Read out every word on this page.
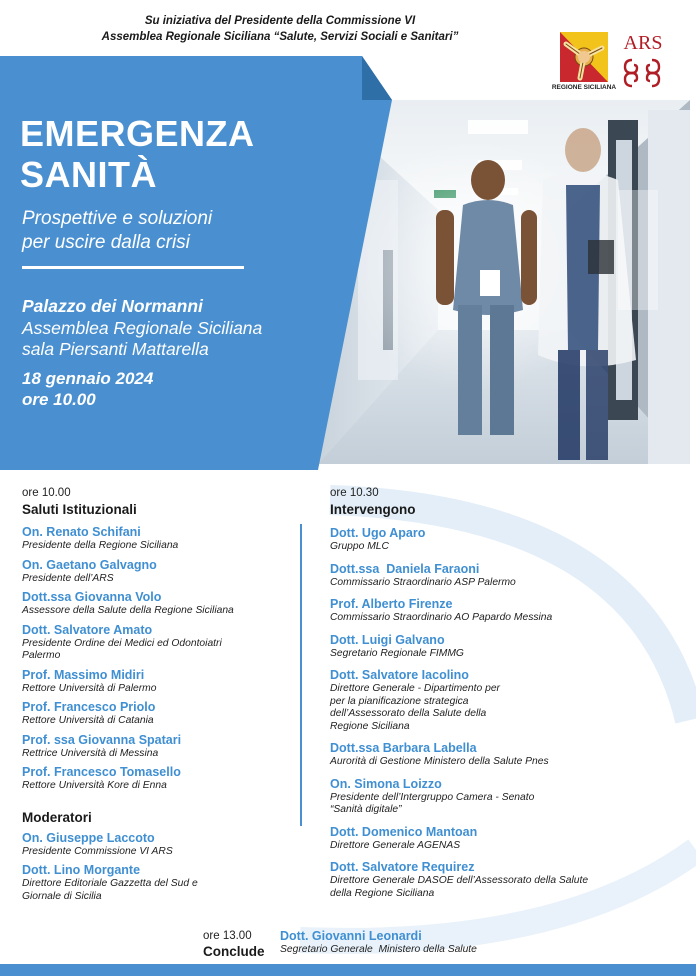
Su iniziativa del Presidente della Commissione VI
Assemblea Regionale Siciliana “Salute, Servizi Sociali e Sanitari”
REGIONE SICILIANA
ARS
EMERGENZA
SANITÀ
Prospettive e soluzioni
per uscire dalla crisi
Palazzo dei Normanni
Assemblea Regionale Siciliana
sala Piersanti Mattarella
18 gennaio 2024
ore 10.00
ore 10.00
Saluti Istituzionali
On. Renato Schifani
Presidente della Regione Siciliana
On. Gaetano Galvagno
Presidente dell’ARS
Dott.ssa Giovanna Volo
Assessore della Salute della Regione Siciliana
Dott. Salvatore Amato
Presidente Ordine dei Medici ed Odontoiatri
Palermo
Prof. Massimo Midiri
Rettore Università di Palermo
Prof. Francesco Priolo
Rettore Università di Catania
Prof. ssa Giovanna Spatari
Rettrice Università di Messina
Prof. Francesco Tomasello
Rettore Università Kore di Enna
Moderatori
On. Giuseppe Laccoto
Presidente Commissione VI ARS
Dott. Lino Morgante
Direttore Editoriale Gazzetta del Sud e
Giornale di Sicilia
ore 10.30
Intervengono
Dott. Ugo Aparo
Gruppo MLC
Dott.ssa  Daniela Faraoni
Commissario Straordinario ASP Palermo
Prof. Alberto Firenze
Commissario Straordinario AO Papardo Messina
Dott. Luigi Galvano
Segretario Regionale FIMMG
Dott. Salvatore Iacolino
Direttore Generale - Dipartimento per
per la pianificazione strategica
dell’Assessorato della Salute della
Regione Siciliana
Dott.ssa Barbara Labella
Aurorità di Gestione Ministero della Salute Pnes
On. Simona Loizzo
Presidente dell’Intergruppo Camera - Senato
“Sanità digitale”
Dott. Domenico Mantoan
Direttore Generale AGENAS
Dott. Salvatore Requirez
Direttore Generale DASOE dell’Assessorato della Salute
della Regione Siciliana
ore 13.00
Conclude
Dott. Giovanni Leonardi
Segretario Generale  Ministero della Salute
